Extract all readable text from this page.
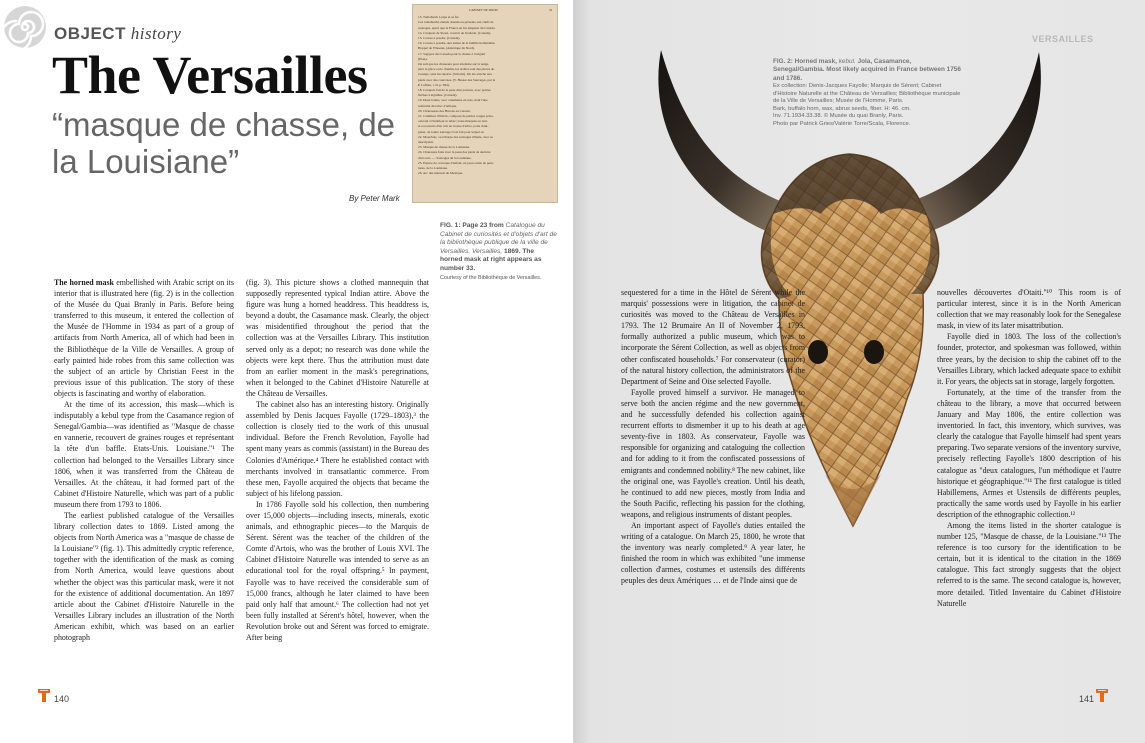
OBJECT history
The Versailles
“masque de chasse, de la Louisiane”
By Peter Mark
CABINET DE DIJON	33
13. Tomahawk à pipe et sa fer.
Ces tomahawks étaient donnés en présents aux chefs de
sauvages, après que la France en fut emparée du Canada.
14. Carquois de Sioux, couvert de broderie. (Canada).
15. Cornes à poudre. (Canada).
16. Cornes à poudre, aux armes de la famille hollandaise
Hoppel de Wissenn. (Amérique du Nord).
17. Sagayes des Canada pour la chasse à l'orignal
(Elan).
On sait que les chasseurs pour atteindre sur la neige,
jeter la glace ou le chemin, les arrêter sont des pièces de
la neige, sans les réparer. (Scholtz). On les attache aux
pieds avec des courroies. (V. Hesser des Sauvages, par le
P. Lafitau, t. II, p. 384).
18. Carquois fait de la peau d'un poisson, avec petites
flèches à aiguilles. (Canada).
19. Deux boîtes, avec ornements en soie, dont l'une
renfermé du tabac d'Afrique.
20. Chaussures des Hurons au Canada.
21. Calumets d'ibiscis, composé de petites rouges polie,
ouvrant à l'intérieur le tabac; trous marqués en bois
et recouverts d'un cuir en trouve d'arbre, poils d'ani-
genet, de loutre sauvage; bois fait pour lequel on
22. Mouchoir, ou écharpe des sauvages tilleuls, avec sa
description.
23. Masque de chasse de la Louisiane.
24. Chaussure faite avec la peau des pieds de derrière
d'un ours. — Sauvages de la Louisiane.
25. Espèce de cravaque d'enfant, en peau ornée de pein-
tures, de la Louisiane.
26. Arc des naturels du Mexique.
FIG. 1: Page 23 from Catalogue du Cabinet de curiosités et d'objets d'art de la bibliothèque publique de la ville de Versailles. Versailles, 1869. The horned mask at right appears as number 33.
Courtesy of the Bibliothèque de Versailles.

The horned mask embellished with Arabic script on its interior that is illustrated here (fig. 2) is in the collection of the Musée du Quai Branly in Paris. Before being transferred to this museum, it entered the collection of the Musée de l'Homme in 1934 as part of a group of artifacts from North America, all of which had been in the Bibliothèque de la Ville de Versailles. A group of early painted hide robes from this same collection was the subject of an article by Christian Feest in the previous issue of this publication. The story of these objects is fascinating and worthy of elaboration.

At the time of its accession, this mask—which is indisputably a kebul type from the Casamance region of Senegal/Gambia—was identified as "Masque de chasse en vannerie, recouvert de graines rouges et représentant la tête d'un baffle. Etats-Unis. Louisiane."¹ The collection had belonged to the Versailles Library since 1806, when it was transferred from the Château de Versailles. At the château, it had formed part of the Cabinet d'Histoire Naturelle, which was part of a public museum there from 1793 to 1806.

The earliest published catalogue of the Versailles library collection dates to 1869. Listed among the objects from North America was a "masque de chasse de la Louisiane"² (fig. 1). This admittedly cryptic reference, together with the identification of the mask as coming from North America, would leave questions about whether the object was this particular mask, were it not for the existence of additional documentation. An 1897 article about the Cabinet d'Histoire Naturelle in the Versailles Library includes an illustration of the North American exhibit, which was based on an earlier photograph

(fig. 3). This picture shows a clothed mannequin that supposedly represented typical Indian attire. Above the figure was hung a horned headdress. This headdress is, beyond a doubt, the Casamance mask. Clearly, the object was misidentified throughout the period that the collection was at the Versailles Library. This institution served only as a depot; no research was done while the objects were kept there. Thus the attribution must date from an earlier moment in the mask's peregrinations, when it belonged to the Cabinet d'Histoire Naturelle at the Château de Versailles.

The cabinet also has an interesting history. Originally assembled by Denis Jacques Fayolle (1729–1803),³ the collection is closely tied to the work of this unusual individual. Before the French Revolution, Fayolle had spent many years as commis (assistant) in the Bureau des Colonies d'Amérique.⁴ There he established contact with merchants involved in transatlantic commerce. From these men, Fayolle acquired the objects that became the subject of his lifelong passion.

In 1786 Fayolle sold his collection, then numbering over 15,000 objects—including insects, minerals, exotic animals, and ethnographic pieces—to the Marquis de Sérent. Sérent was the teacher of the children of the Comte d'Artois, who was the brother of Louis XVI. The Cabinet d'Histoire Naturelle was intended to serve as an educational tool for the royal offspring.⁵ In payment, Fayolle was to have received the considerable sum of 15,000 francs, although he later claimed to have been paid only half that amount.⁶ The collection had not yet been fully installed at Sérent's hôtel, however, when the Revolution broke out and Sérent was forced to emigrate. After being

140
VERSAILLES
FIG. 2: Horned mask, kebul. Jola, Casamance, Senegal/Gambia. Most likely acquired in France between 1756 and 1786.
Ex collection: Denis-Jacques Fayolle; Marquis de Sérent; Cabinet d'Histoire Naturelle at the Château de Versailles; Bibliothèque municipale de la Ville de Versailles; Musée de l'Homme, Paris.
Bark, buffalo horn, wax, abrus seeds, fiber. H: 46. cm.
Inv. 71.1934.33.38. © Musée du quai Branly, Paris.
Photo par Patrick Gries/Valérie Torre/Scala, Florence.

sequestered for a time in the Hôtel de Sérent while the marquis' possessions were in litigation, the cabinet de curiosités was moved to the Château de Versailles in 1793. The 12 Brumaire An II of November 2, 1793, formally authorized a public museum, which was to incorporate the Sérent Collection, as well as objects from other confiscated households.⁷ For conservateur (curator) of the natural history collection, the administrators of the Department of Seine and Oise selected Fayolle.

Fayolle proved himself a survivor. He managed to serve both the ancien régime and the new government, and he successfully defended his collection against recurrent efforts to dismember it up to his death at age seventy-five in 1803. As conservateur, Fayolle was responsible for organizing and cataloguing the collection and for adding to it from the confiscated possessions of emigrants and condemned nobility.⁸ The new cabinet, like the original one, was Fayolle's creation. Until his death, he continued to add new pieces, mostly from India and the South Pacific, reflecting his passion for the clothing, weapons, and religious instruments of distant peoples.

An important aspect of Fayolle's duties entailed the writing of a catalogue. On March 25, 1800, he wrote that the inventory was nearly completed.⁹ A year later, he finished the room in which was exhibited "une immense collection d'armes, costumes et ustensils des différents peuples des deux Amériques … et de l'Inde ainsi que de

nouvelles découvertes d'Otaiti."¹⁰ This room is of particular interest, since it is in the North American collection that we may reasonably look for the Senegalese mask, in view of its later misattribution.

Fayolle died in 1803. The loss of the collection's founder, protector, and spokesman was followed, within three years, by the decision to ship the cabinet off to the Versailles Library, which lacked adequate space to exhibit it. For years, the objects sat in storage, largely forgotten.

Fortunately, at the time of the transfer from the château to the library, a move that occurred between January and May 1806, the entire collection was inventoried. In fact, this inventory, which survives, was clearly the catalogue that Fayolle himself had spent years preparing. Two separate versions of the inventory survive, precisely reflecting Fayolle's 1800 description of his catalogue as "deux catalogues, l'un méthodique et l'autre historique et géographique."¹¹ The first catalogue is titled Habillemens, Armes et Ustensils de différents peuples, practically the same words used by Fayolle in his earlier description of the ethnographic collection.¹²

Among the items listed in the shorter catalogue is number 125, "Masque de chasse, de la Louisiane."¹³ The reference is too cursory for the identification to be certain, but it is identical to the citation in the 1869 catalogue. This fact strongly suggests that the object referred to is the same. The second catalogue is, however, more detailed. Titled Inventaire du Cabinet d'Histoire Naturelle

141
